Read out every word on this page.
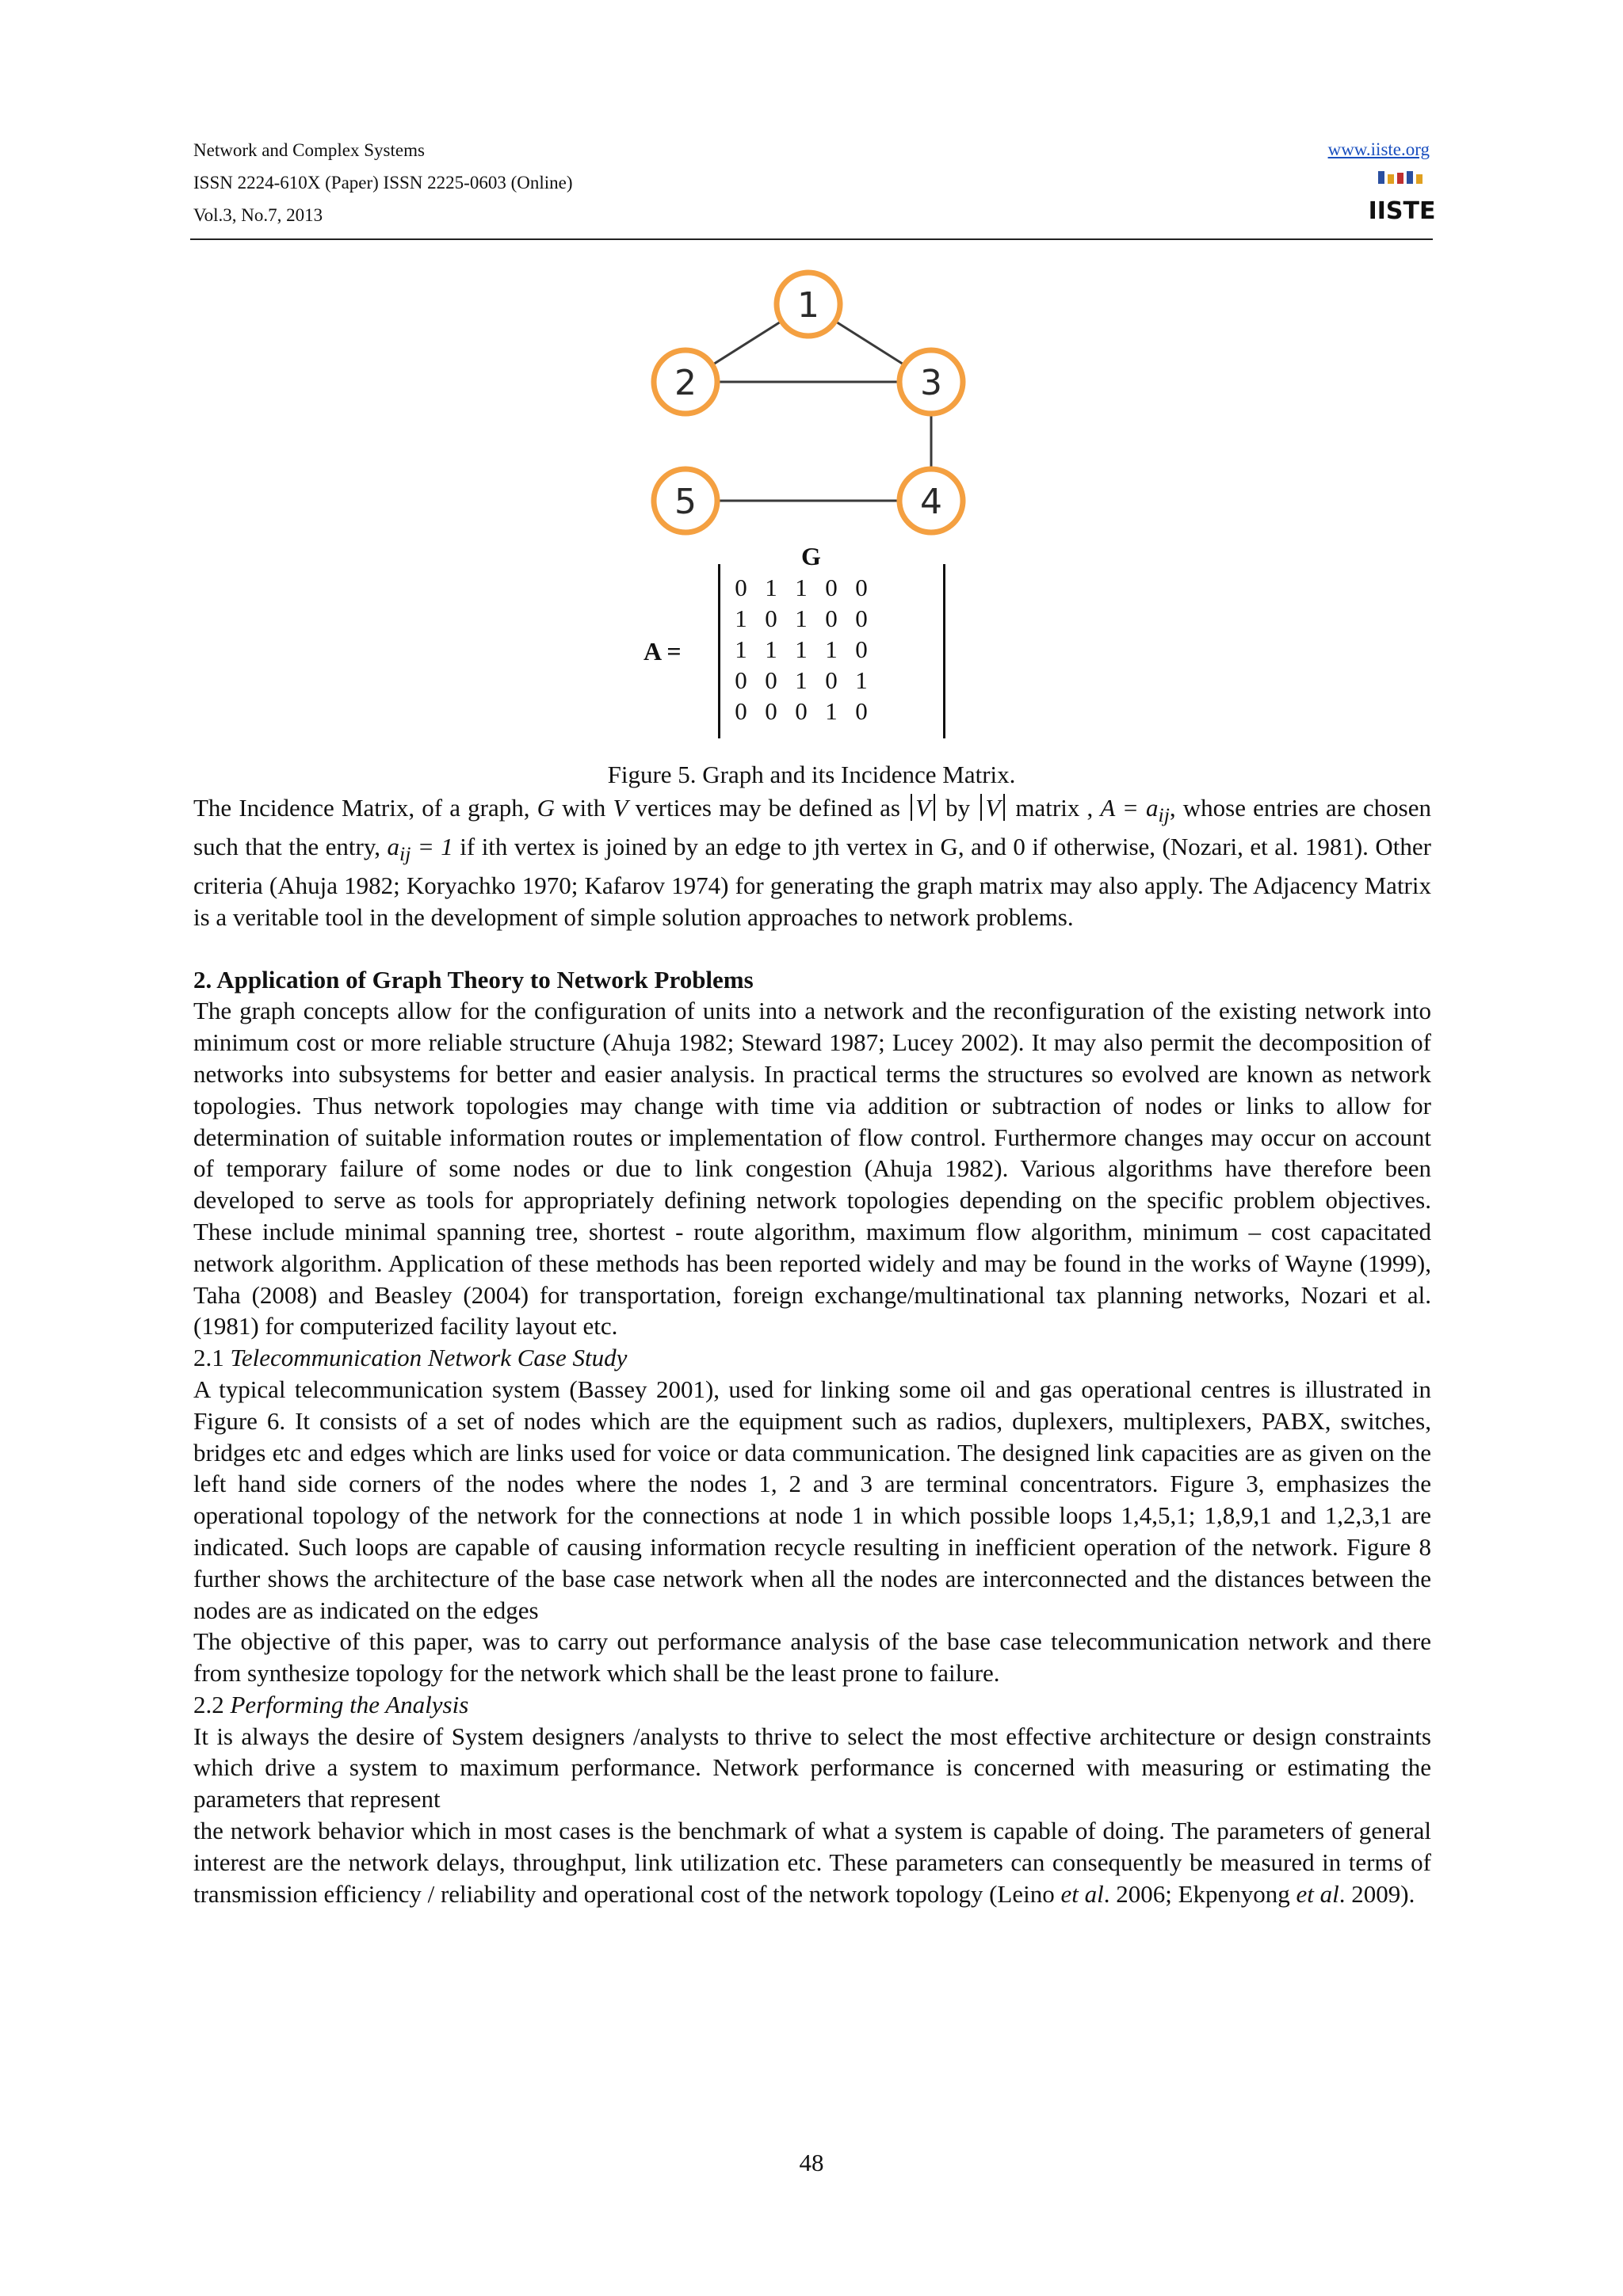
Network and Complex Systems
ISSN 2224-610X (Paper) ISSN 2225-0603 (Online)
Vol.3, No.7, 2013
www.iiste.org
IISTE
1
2	3
4
5
G
A =
0 1 1 0 0
1 0 1 0 0
1 1 1 1 0
0 0 1 0 1
0 0 0 1 0
Figure 5. Graph and its Incidence Matrix.

The Incidence Matrix, of a graph, G with V vertices may be defined as V by V matrix , $A = a_{ij}$, whose entries are chosen such that the entry, $a_{ij} = 1$ if ith vertex is joined by an edge to jth vertex in G, and 0 if otherwise, (Nozari, et al. 1981). Other criteria (Ahuja 1982; Koryachko 1970; Kafarov 1974) for generating the graph matrix may also apply. The Adjacency Matrix is a veritable tool in the development of simple solution approaches to network problems.

2. Application of Graph Theory to Network Problems

The graph concepts allow for the configuration of units into a network and the reconfiguration of the existing network into minimum cost or more reliable structure (Ahuja 1982; Steward 1987; Lucey 2002). It may also permit the decomposition of networks into subsystems for better and easier analysis. In practical terms the structures so evolved are known as network topologies. Thus network topologies may change with time via addition or subtraction of nodes or links to allow for determination of suitable information routes or implementation of flow control. Furthermore changes may occur on account of temporary failure of some nodes or due to link congestion (Ahuja 1982). Various algorithms have therefore been developed to serve as tools for appropriately defining network topologies depending on the specific problem objectives. These include minimal spanning tree, shortest - route algorithm, maximum flow algorithm, minimum – cost capacitated network algorithm. Application of these methods has been reported widely and may be found in the works of Wayne (1999), Taha (2008) and Beasley (2004) for transportation, foreign exchange/multinational tax planning networks, Nozari et al. (1981) for computerized facility layout etc.

2.1 Telecommunication Network Case Study

A typical telecommunication system (Bassey 2001), used for linking some oil and gas operational centres is illustrated in Figure 6. It consists of a set of nodes which are the equipment such as radios, duplexers, multiplexers, PABX, switches, bridges etc and edges which are links used for voice or data communication. The designed link capacities are as given on the left hand side corners of the nodes where the nodes 1, 2 and 3 are terminal concentrators. Figure 3, emphasizes the operational topology of the network for the connections at node 1 in which possible loops 1,4,5,1; 1,8,9,1 and 1,2,3,1 are indicated. Such loops are capable of causing information recycle resulting in inefficient operation of the network. Figure 8 further shows the architecture of the base case network when all the nodes are interconnected and the distances between the nodes are as indicated on the edges

The objective of this paper, was to carry out performance analysis of the base case telecommunication network and there from synthesize topology for the network which shall be the least prone to failure.

2.2 Performing the Analysis

It is always the desire of System designers /analysts to thrive to select the most effective architecture or design constraints which drive a system to maximum performance. Network performance is concerned with measuring or estimating the parameters that represent

the network behavior which in most cases is the benchmark of what a system is capable of doing. The parameters of general interest are the network delays, throughput, link utilization etc. These parameters can consequently be measured in terms of transmission efficiency / reliability and operational cost of the network topology (Leino et al. 2006; Ekpenyong et al. 2009).

48
